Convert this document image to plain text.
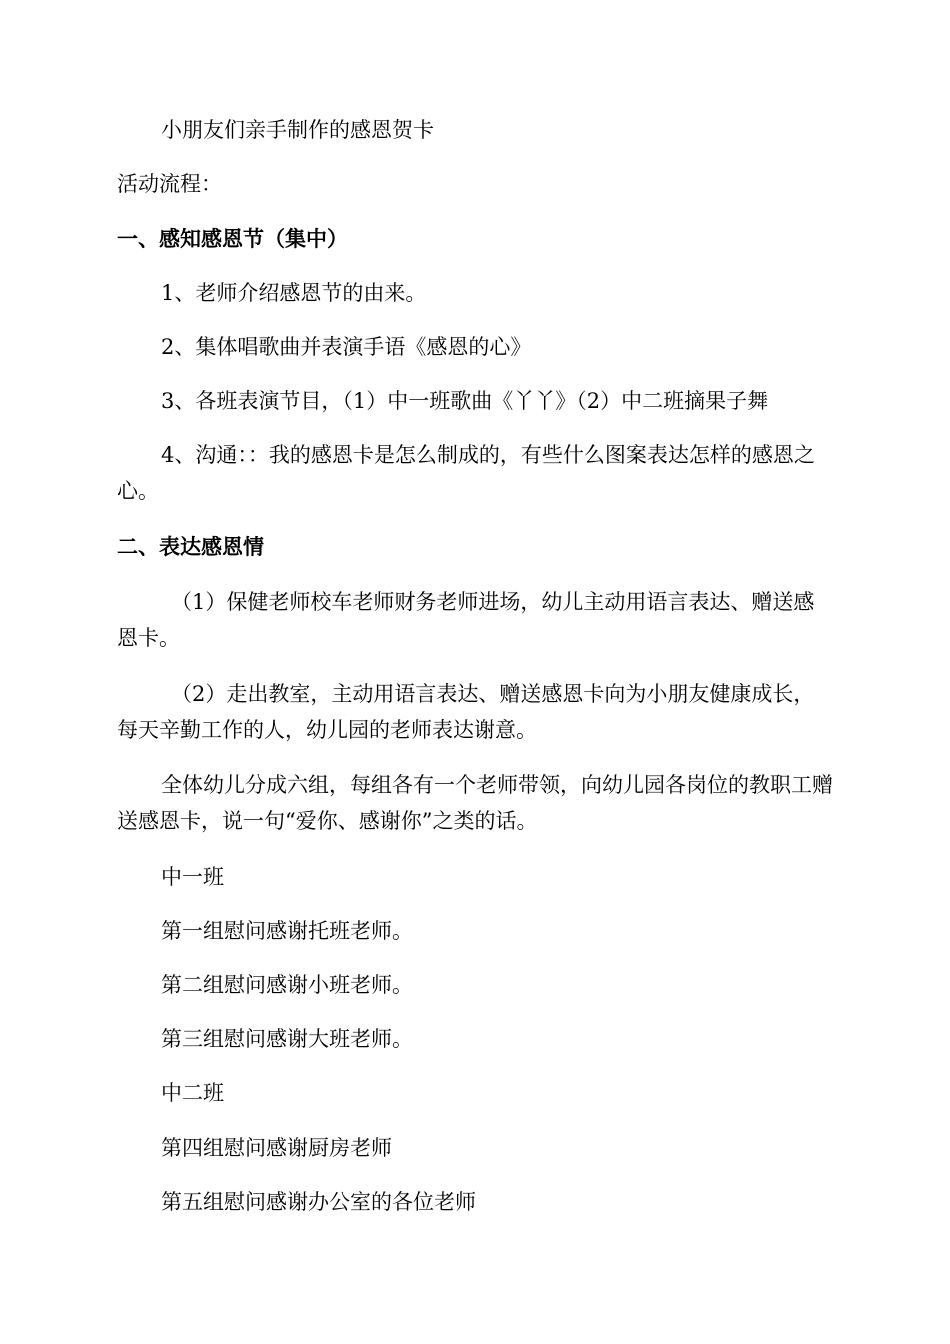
小朋友们亲手制作的感恩贺卡

活动流程：

一、感知感恩节（集中）

1、老师介绍感恩节的由来。

2、集体唱歌曲并表演手语《感恩的心》

3、各班表演节目，（1）中一班歌曲《丫丫》（2）中二班摘果子舞

4、沟通：：我的感恩卡是怎么制成的，有些什么图案表达怎样的感恩之心。

二、表达感恩情

（1）保健老师校车老师财务老师进场，幼儿主动用语言表达、赠送感恩卡。

（2）走出教室，主动用语言表达、赠送感恩卡向为小朋友健康成长，每天辛勤工作的人，幼儿园的老师表达谢意。

全体幼儿分成六组，每组各有一个老师带领，向幼儿园各岗位的教职工赠送感恩卡，说一句“爱你、感谢你”之类的话。

中一班

第一组慰问感谢托班老师。

第二组慰问感谢小班老师。

第三组慰问感谢大班老师。

中二班

第四组慰问感谢厨房老师

第五组慰问感谢办公室的各位老师
